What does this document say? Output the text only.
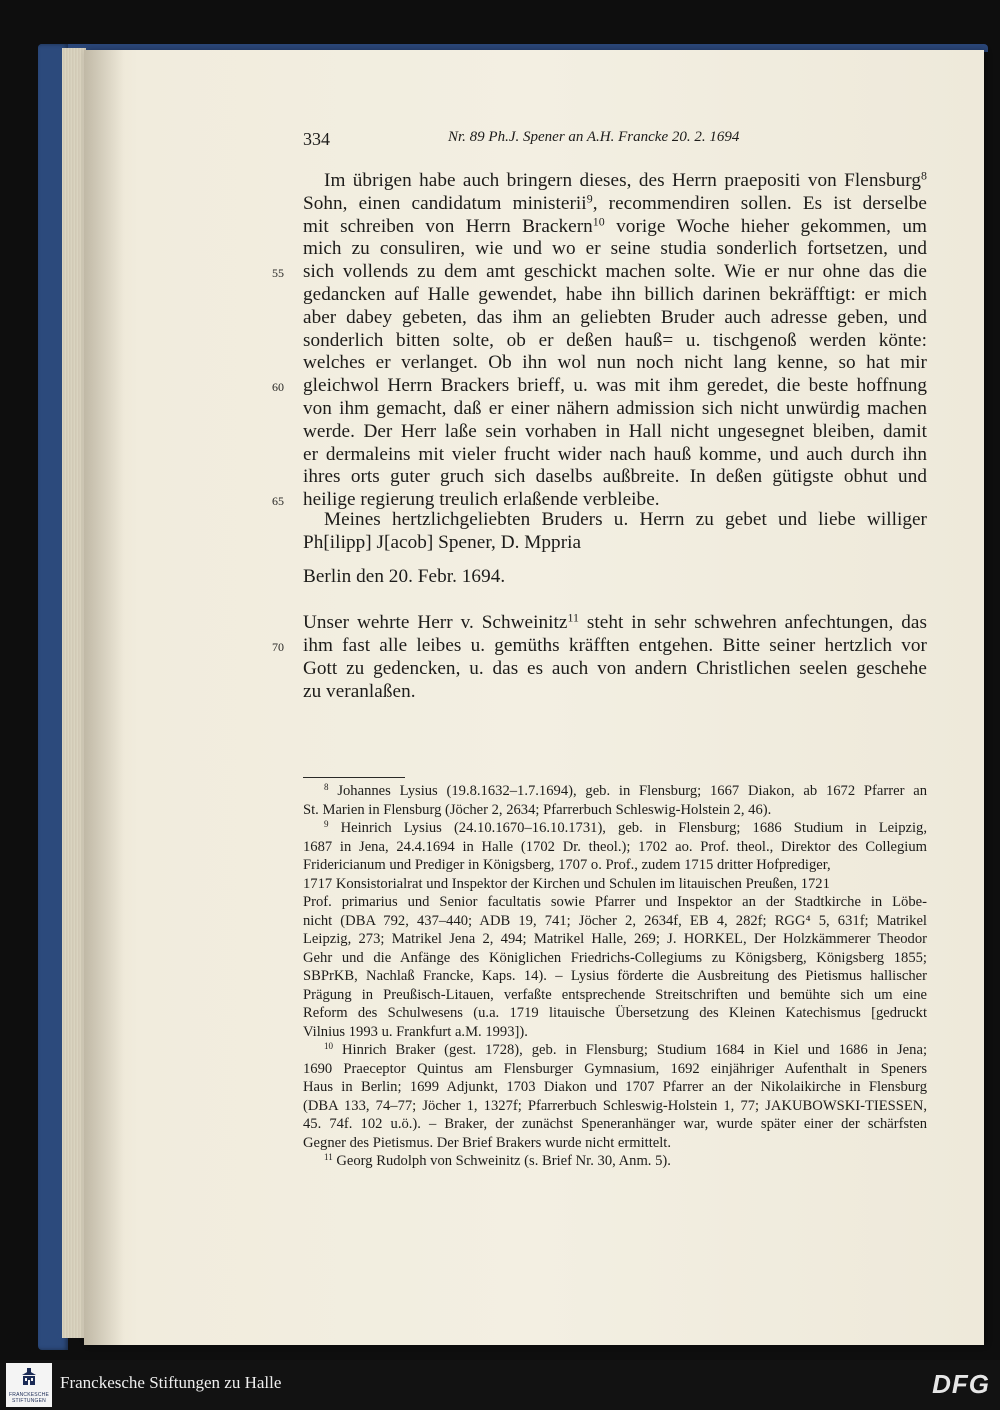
334	Nr. 89 Ph.J. Spener an A.H. Francke 20. 2. 1694
Im übrigen habe auch bringern dieses, des Herrn praepositi von Flensburg$^8$
Sohn, einen candidatum ministerii$^9$, recommendiren sollen. Es ist derselbe
mit schreiben von Herrn Brackern$^{10}$ vorige Woche hieher gekommen, um
mich zu consuliren, wie und wo er seine studia sonderlich fortsetzen, und
sich vollends zu dem amt geschickt machen solte. Wie er nur ohne das die
gedancken auf Halle gewendet, habe ihn billich darinen bekräfftigt: er mich
aber dabey gebeten, das ihm an geliebten Bruder auch adresse geben, und
sonderlich bitten solte, ob er deßen hauß= u. tischgenoß werden könte:
welches er verlanget. Ob ihn wol nun noch nicht lang kenne, so hat mir
gleichwol Herrn Brackers brieff, u. was mit ihm geredet, die beste hoffnung
von ihm gemacht, daß er einer nähern admission sich nicht unwürdig machen
werde. Der Herr laße sein vorhaben in Hall nicht ungesegnet bleiben, damit
er dermaleins mit vieler frucht wider nach hauß komme, und auch durch ihn
ihres orts guter gruch sich daselbs außbreite. In deßen gütigste obhut und
heilige regierung treulich erlaßende verbleibe.
Meines hertzlichgeliebten Bruders u. Herrn zu gebet und liebe williger
Ph[ilipp] J[acob] Spener, D. Mppria
Berlin den 20. Febr. 1694.
Unser wehrte Herr v. Schweinitz$^{11}$ steht in sehr schwehren anfechtungen, das
ihm fast alle leibes u. gemüths kräfften entgehen. Bitte seiner hertzlich vor
Gott zu gedencken, u. das es auch von andern Christlichen seelen geschehe
zu veranlaßen.
55
60
65
70
$^8$ Johannes Lysius (19.8.1632–1.7.1694), geb. in Flensburg; 1667 Diakon, ab 1672 Pfarrer an
St. Marien in Flensburg (Jöcher 2, 2634; Pfarrerbuch Schleswig-Holstein 2, 46).
$^9$ Heinrich Lysius (24.10.1670–16.10.1731), geb. in Flensburg; 1686 Studium in Leipzig,
1687 in Jena, 24.4.1694 in Halle (1702 Dr. theol.); 1702 ao. Prof. theol., Direktor des Collegium
Fridericianum und Prediger in Königsberg, 1707 o. Prof., zudem 1715 dritter Hofprediger,
1717 Konsistorialrat und Inspektor der Kirchen und Schulen im litauischen Preußen, 1721
Prof. primarius und Senior facultatis sowie Pfarrer und Inspektor an der Stadtkirche in Löbe-
nicht (DBA 792, 437–440; ADB 19, 741; Jöcher 2, 2634f, EB 4, 282f; RGG⁴ 5, 631f; Matrikel
Leipzig, 273; Matrikel Jena 2, 494; Matrikel Halle, 269; J. HORKEL, Der Holzkämmerer Theodor
Gehr und die Anfänge des Königlichen Friedrichs-Collegiums zu Königsberg, Königsberg 1855;
SBPrKB, Nachlaß Francke, Kaps. 14). – Lysius förderte die Ausbreitung des Pietismus hallischer
Prägung in Preußisch-Litauen, verfaßte entsprechende Streitschriften und bemühte sich um eine
Reform des Schulwesens (u.a. 1719 litauische Übersetzung des Kleinen Katechismus [gedruckt
Vilnius 1993 u. Frankfurt a.M. 1993]).
$^{10}$ Hinrich Braker (gest. 1728), geb. in Flensburg; Studium 1684 in Kiel und 1686 in Jena;
1690 Praeceptor Quintus am Flensburger Gymnasium, 1692 einjähriger Aufenthalt in Speners
Haus in Berlin; 1699 Adjunkt, 1703 Diakon und 1707 Pfarrer an der Nikolaikirche in Flensburg
(DBA 133, 74–77; Jöcher 1, 1327f; Pfarrerbuch Schleswig-Holstein 1, 77; JAKUBOWSKI-TIESSEN,
45. 74f. 102 u.ö.). – Braker, der zunächst Speneranhänger war, wurde später einer der schärfsten
Gegner des Pietismus. Der Brief Brakers wurde nicht ermittelt.
$^{11}$ Georg Rudolph von Schweinitz (s. Brief Nr. 30, Anm. 5).
FRANCKESCHE STIFTUNGEN
Franckesche Stiftungen zu Halle	DFG
